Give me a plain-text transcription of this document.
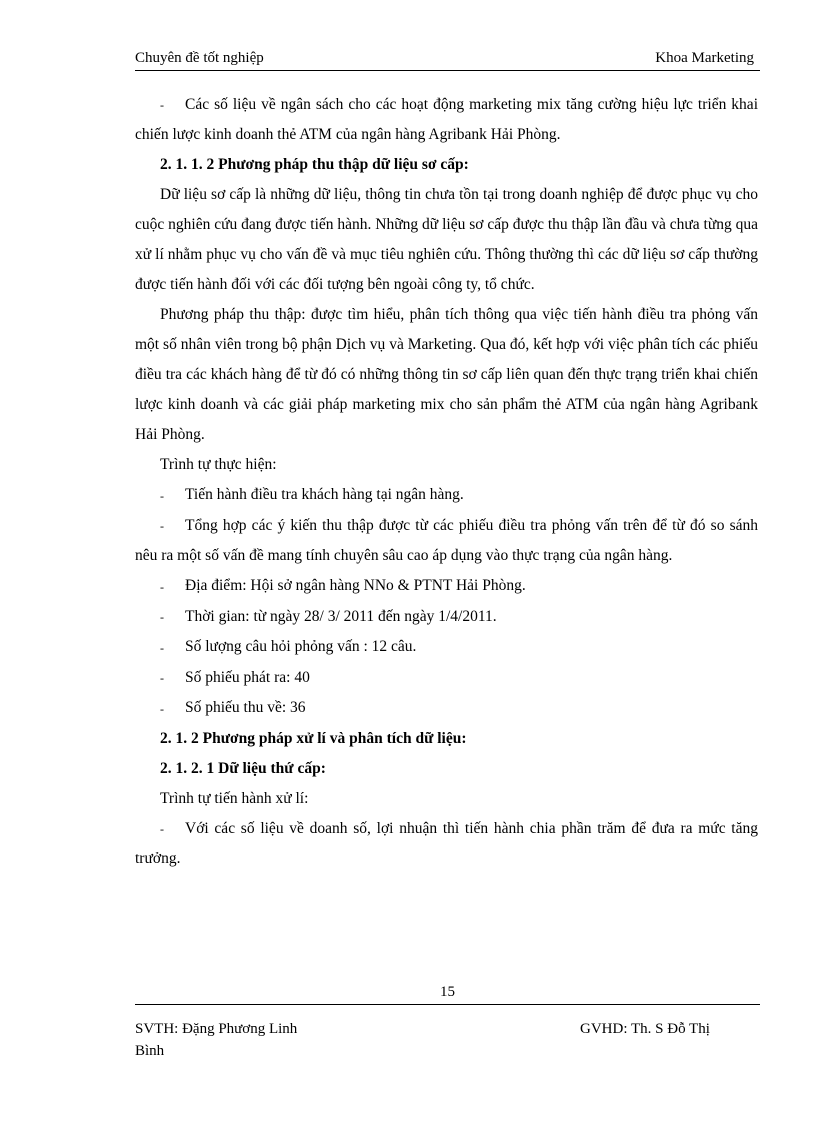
Chuyên đề tốt nghiệp	Khoa Marketing

- Các số liệu về ngân sách cho các hoạt động marketing mix tăng cường hiệu lực triển khai chiến lược kinh doanh thẻ ATM của ngân hàng Agribank Hải Phòng.

2. 1. 1. 2 Phương pháp thu thập dữ liệu sơ cấp:

Dữ liệu sơ cấp là những dữ liệu, thông tin chưa tồn tại trong doanh nghiệp để được phục vụ cho cuộc nghiên cứu đang được tiến hành. Những dữ liệu sơ cấp được thu thập lần đầu và chưa từng qua xử lí nhằm phục vụ cho vấn đề và mục tiêu nghiên cứu. Thông thường thì các dữ liệu sơ cấp thường được tiến hành đối với các đối tượng bên ngoài công ty, tổ chức.

Phương pháp thu thập: được tìm hiểu, phân tích thông qua việc tiến hành điều tra phỏng vấn một số nhân viên trong bộ phận Dịch vụ và Marketing. Qua đó, kết hợp với việc phân tích các phiếu điều tra các khách hàng để từ đó có những thông tin sơ cấp liên quan đến thực trạng triển khai chiến lược kinh doanh và các giải pháp marketing mix cho sản phẩm thẻ ATM của ngân hàng Agribank Hải Phòng.

Trình tự thực hiện:

- Tiến hành điều tra khách hàng tại ngân hàng.

- Tổng hợp các ý kiến thu thập được từ các phiếu điều tra phỏng vấn trên để từ đó so sánh nêu ra một số vấn đề mang tính chuyên sâu cao áp dụng vào thực trạng của ngân hàng.

- Địa điểm: Hội sở ngân hàng NNo & PTNT Hải Phòng.

- Thời gian: từ ngày 28/ 3/ 2011 đến ngày 1/4/2011.

- Số lượng câu hỏi phỏng vấn : 12 câu.

- Số phiếu phát ra: 40

- Số phiếu thu về: 36

2. 1. 2 Phương pháp xử lí và phân tích dữ liệu:

2. 1. 2. 1 Dữ liệu thứ cấp:

Trình tự tiến hành xử lí:

- Với các số liệu về doanh số, lợi nhuận thì tiến hành chia phần trăm để đưa ra mức tăng trưởng.

15
SVTH: Đặng Phương Linh	GVHD: Th. S Đỗ Thị
Bình
